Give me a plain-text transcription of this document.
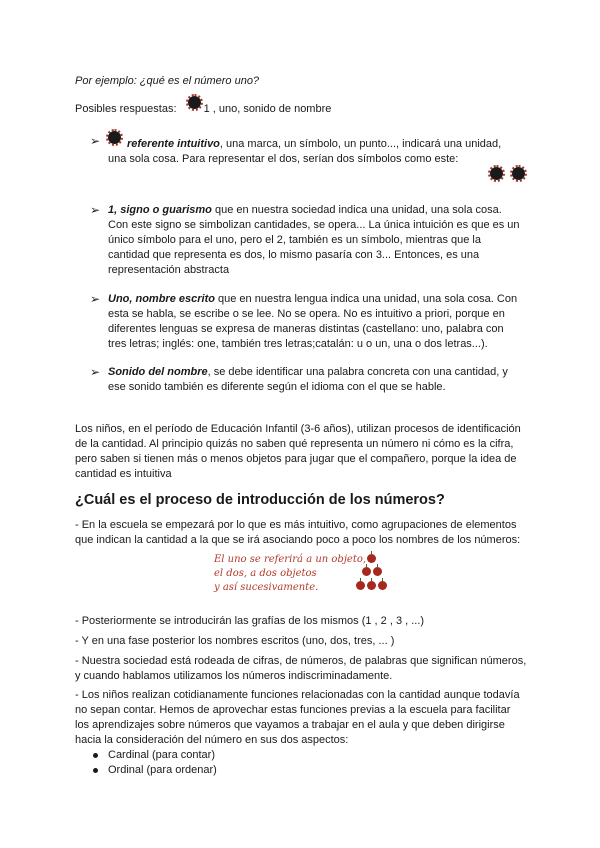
Por ejemplo: ¿qué es el número uno?
Posibles respuestas: 1 , uno, sonido de nombre
➢	referente intuitivo, una marca, un símbolo, un punto..., indicará una unidad,
una sola cosa. Para representar el dos, serían dos símbolos como este:

➢ 1, signo o guarismo que en nuestra sociedad indica una unidad, una sola cosa.
Con este signo se simbolizan cantidades, se opera... La única intuición es que es un
único símbolo para el uno, pero el 2, también es un símbolo, mientras que la
cantidad que representa es dos, lo mismo pasaría con 3... Entonces, es una
representación abstracta
➢ Uno, nombre escrito que en nuestra lengua indica una unidad, una sola cosa. Con
esta se habla, se escribe o se lee. No se opera. No es intuitivo a priori, porque en
diferentes lenguas se expresa de maneras distintas (castellano: uno, palabra con
tres letras; inglés: one, también tres letras;catalán: u o un, una o dos letras...).
➢ Sonido del nombre, se debe identificar una palabra concreta con una cantidad, y
ese sonido también es diferente según el idioma con el que se hable.
Los niños, en el período de Educación Infantil (3-6 años), utilizan procesos de identificación
de la cantidad. Al principio quizás no saben qué representa un número ni cómo es la cifra,
pero saben si tienen más o menos objetos para jugar que el compañero, porque la idea de
cantidad es intuitiva
¿Cuál es el proceso de introducción de los números?
- En la escuela se empezará por lo que es más intuitivo, como agrupaciones de elementos
que indican la cantidad a la que se irá asociando poco a poco los nombres de los números:
El uno se referirá a un objeto,
el dos, a dos objetos
y así sucesivamente.
- Posteriormente se introducirán las grafías de los mismos (1 , 2 , 3 , ...)
- Y en una fase posterior los nombres escritos (uno, dos, tres, ... )
- Nuestra sociedad está rodeada de cifras, de números, de palabras que significan números,
y cuando hablamos utilizamos los números indiscriminadamente.
- Los niños realizan cotidianamente funciones relacionadas con la cantidad aunque todavía
no sepan contar. Hemos de aprovechar estas funciones previas a la escuela para facilitar
los aprendizajes sobre números que vayamos a trabajar en el aula y que deben dirigirse
hacia la consideración del número en sus dos aspectos:
Cardinal (para contar)
Ordinal (para ordenar)
